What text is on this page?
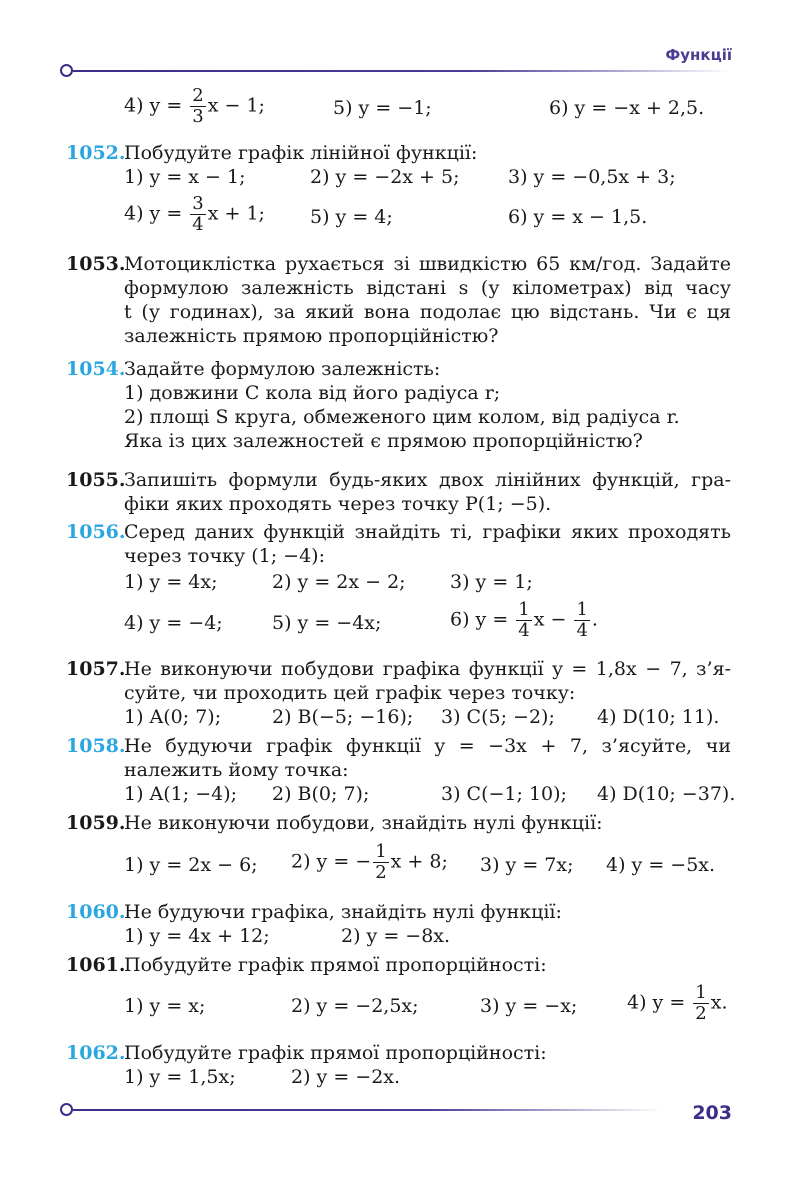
Функції
4) $y = \frac{2}{3}$ x − 1;	5) y = −1;	6) y = −x + 2,5.
1052.
Побудуйте графік лінійної функції:
1) y = x − 1;	2) y = −2x + 5;	3) y = −0,5x + 3;
4) $y = \frac{3}{4}$ x + 1; 5) y = 4;	6) y = x − 1,5.
1053.
Мотоциклістка рухається зі швидкістю 65 км/год. Задайте
формулою залежність відстані s (у кілометрах) від часу
t (у годинах), за який вона подолає цю відстань. Чи є ця
залежність прямою пропорційністю?
1054.
Задайте формулою залежність:
1) довжини C кола від його радіуса r;
2) площі S круга, обмеженого цим колом, від радіуса r.
Яка із цих залежностей є прямою пропорційністю?
1055.
Запишіть формули будь-яких двох лінійних функцій, гра-
фіки яких проходять через точку P(1; −5).
1056.
Серед даних функцій знайдіть ті, графіки яких проходять
через точку (1; −4):
1) y = 4x;	2) y = 2x − 2; 3) y = 1;
4) y = −4;	5) y = −4x;	6) $y = \frac{1}{4}$ $x - \frac{1}{4}$ .
1057.
Не виконуючи побудови графіка функції y = 1,8x − 7, з’я-
суйте, чи проходить цей графік через точку:
1) A(0; 7);	2) B(−5; −16); 3) C(5; −2); 4) D(10; 11).
1058.
Не будуючи графік функції y = −3x + 7, з’ясуйте, чи
належить йому точка:
1) A(1; −4); 2) B(0; 7);	3) C(−1; 10); 4) D(10; −37).
1059.
Не виконуючи побудови, знайдіть нулі функції:
1) y = 2x − 6; 2) y = − $\frac{1}{2}$ x + 8; 3) y = 7x; 4) y = −5x.
1060.
Не будуючи графіка, знайдіть нулі функції:
1) y = 4x + 12;	2) y = −8x.
1061.
Побудуйте графік прямої пропорційності:
1) y = x;	2) y = −2,5x;	3) y = −x;	4) $y = \frac{1}{2} x$.
1062.
Побудуйте графік прямої пропорційності:
1) y = 1,5x;	2) y = −2x.
203
